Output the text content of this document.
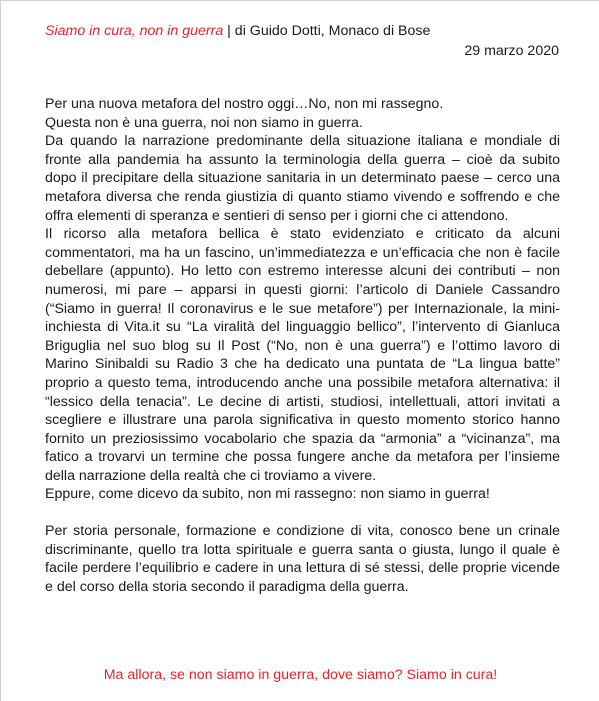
Siamo in cura, non in guerra | di Guido Dotti, Monaco di Bose
29 marzo 2020

Per una nuova metafora del nostro oggi…No, non mi rassegno.

Questa non è una guerra, noi non siamo in guerra.

Da quando la narrazione predominante della situazione italiana e mondiale di fronte alla pandemia ha assunto la terminologia della guerra – cioè da subito dopo il precipitare della situazione sanitaria in un determinato paese – cerco una metafora diversa che renda giustizia di quanto stiamo vivendo e soffrendo e che offra elementi di speranza e sentieri di senso per i giorni che ci attendono.

Il ricorso alla metafora bellica è stato evidenziato e criticato da alcuni commentatori, ma ha un fascino, un’immediatezza e un’efficacia che non è facile debellare (appunto). Ho letto con estremo interesse alcuni dei contributi – non numerosi, mi pare – apparsi in questi giorni: l’articolo di Daniele Cassandro (“Siamo in guerra! Il coronavirus e le sue metafore”) per Internazionale, la mini-inchiesta di Vita.it su “La viralità del linguaggio bellico”, l’intervento di Gianluca Briguglia nel suo blog su Il Post (“No, non è una guerra”) e l’ottimo lavoro di Marino Sinibaldi su Radio 3 che ha dedicato una puntata de “La lingua batte” proprio a questo tema, introducendo anche una possibile metafora alternativa: il “lessico della tenacia”. Le decine di artisti, studiosi, intellettuali, attori invitati a scegliere e illustrare una parola significativa in questo momento storico hanno fornito un preziosissimo vocabolario che spazia da “armonia” a “vicinanza”, ma fatico a trovarvi un termine che possa fungere anche da metafora per l’insieme della narrazione della realtà che ci troviamo a vivere.

Eppure, come dicevo da subito, non mi rassegno: non siamo in guerra!

Per storia personale, formazione e condizione di vita, conosco bene un crinale discriminante, quello tra lotta spirituale e guerra santa o giusta, lungo il quale è facile perdere l’equilibrio e cadere in una lettura di sé stessi, delle proprie vicende e del corso della storia secondo il paradigma della guerra.

Ma allora, se non siamo in guerra, dove siamo? Siamo in cura!
